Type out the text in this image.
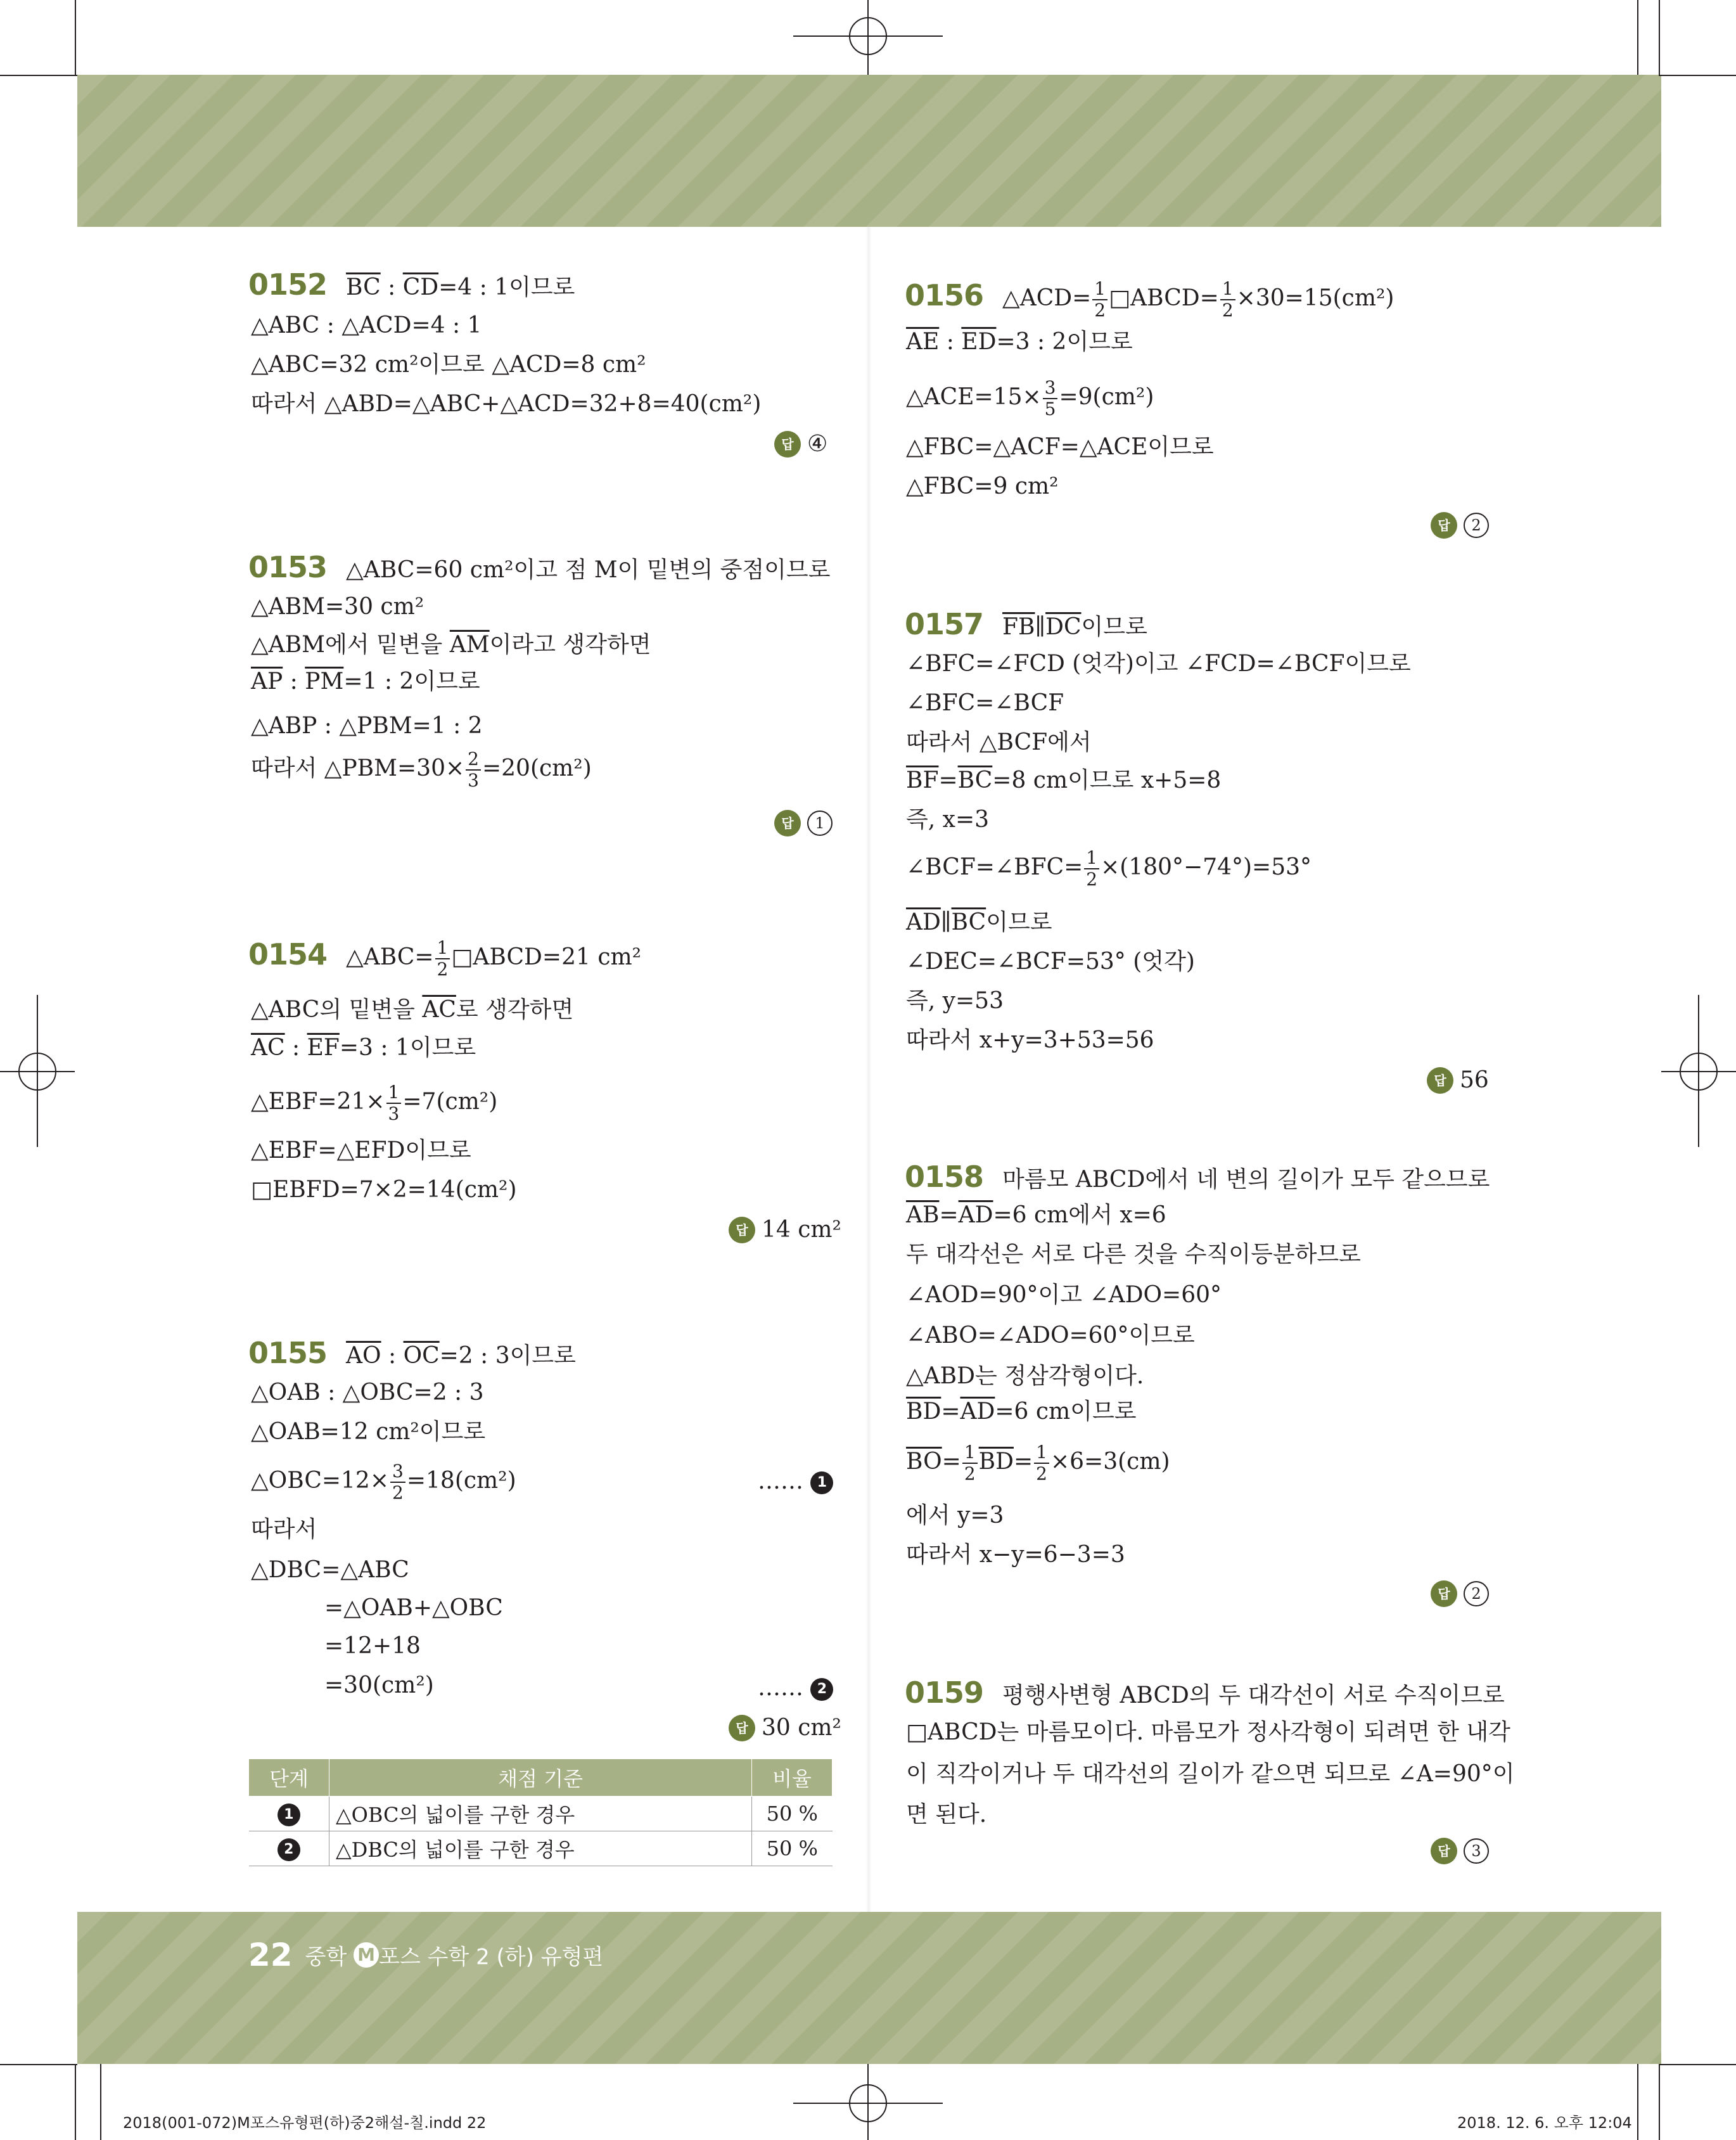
0152 $\overline{BC}$ : $\overline{CD}=4$ : 1이므로
△ABC : △ACD=4 : 1
△ABC=32 cm²이므로 △ACD=8 cm²
따라서 △ABD=△ABC+△ACD=32+8=40(cm²)
답 ④
0153 △ABC=60 cm²이고 점 M이 밑변의 중점이므로
△ABM=30 cm²
△ABM에서 밑변을 $\overline{AM}$이라고 생각하면
$\overline{AP}$ : $\overline{PM}=1$ : 2이므로
△ABP : △PBM=1 : 2
따라서 △PBM=30× $\frac{2}{3} =20(cm^2)$
답 1
0154 △ABC= $\frac{1}{2}$ □ABCD=21 cm²
△ABC의 밑변을 $\overline{AC}$로 생각하면
$\overline{AC}$ : $\overline{EF}=3$ : 1이므로
△EBF=21× $\frac{1}{3} =7(cm^2)$
△EBF=△EFD이므로
□EBFD=7×2=14(cm²)
답 14 cm²
0155 $\overline{AO}$ : $\overline{OC}=2$ : 3이므로
△OAB : △OBC=2 : 3
△OAB=12 cm²이므로
△OBC=12× $\frac{3}{2} =18(cm^2)$	…… 1
따라서
△DBC=△ABC
=△OAB+△OBC
=12+18
=30(cm²)	…… 2
답 30 cm²
단계	채점 기준	비율
1	△OBC의 넓이를 구한 경우	50 %
2	△DBC의 넓이를 구한 경우	50 %
0156 △ACD= $\frac{1}{2}$ □ABCD= $\frac{1}{2} \times 30=15(cm^2)$
$\overline{AE}$ : $\overline{ED}=3$ : 2이므로
△ACE=15× $\frac{3}{5} =9(cm^2)$
△FBC=△ACF=△ACE이므로
△FBC=9 cm²
답 2
0157 $\overline{FB}\parallel\overline{DC}$이므로
∠BFC=∠FCD (엇각)이고 ∠FCD=∠BCF이므로
∠BFC=∠BCF
따라서 △BCF에서
$\overline{BF}=\overline{BC}=8$ cm이므로 x+5=8
즉, x=3
∠BCF=∠BFC= $\frac{1}{2} \times(180^\circ-74^\circ)=53^\circ$
$\overline{AD}\parallel\overline{BC}$이므로
∠DEC=∠BCF=53° (엇각)
즉, y=53
따라서 x+y=3+53=56
답 56
0158 마름모 ABCD에서 네 변의 길이가 모두 같으므로
$\overline{AB}=\overline{AD}=6$ cm에서 x=6
두 대각선은 서로 다른 것을 수직이등분하므로
∠AOD=90°이고 ∠ADO=60°
∠ABO=∠ADO=60°이므로
△ABD는 정삼각형이다.
$\overline{BD}=\overline{AD}=6$ cm이므로
$\overline{BO}= \frac{1}{2} \overline{BD}= \frac{1}{2} \times 6=3(cm)$
에서 y=3
따라서 x−y=6−3=3
답 2
0159 평행사변형 ABCD의 두 대각선이 서로 수직이므로
□ABCD는 마름모이다. 마름모가 정사각형이 되려면 한 내각
이 직각이거나 두 대각선의 길이가 같으면 되므로 ∠A=90°이
면 된다.
답 3
22 중학 M 포스 수학 2 (하) 유형편
2018(001-072)M포스유형편(하)중2해설-칠.indd 22	2018. 12. 6. 오후 12:04
